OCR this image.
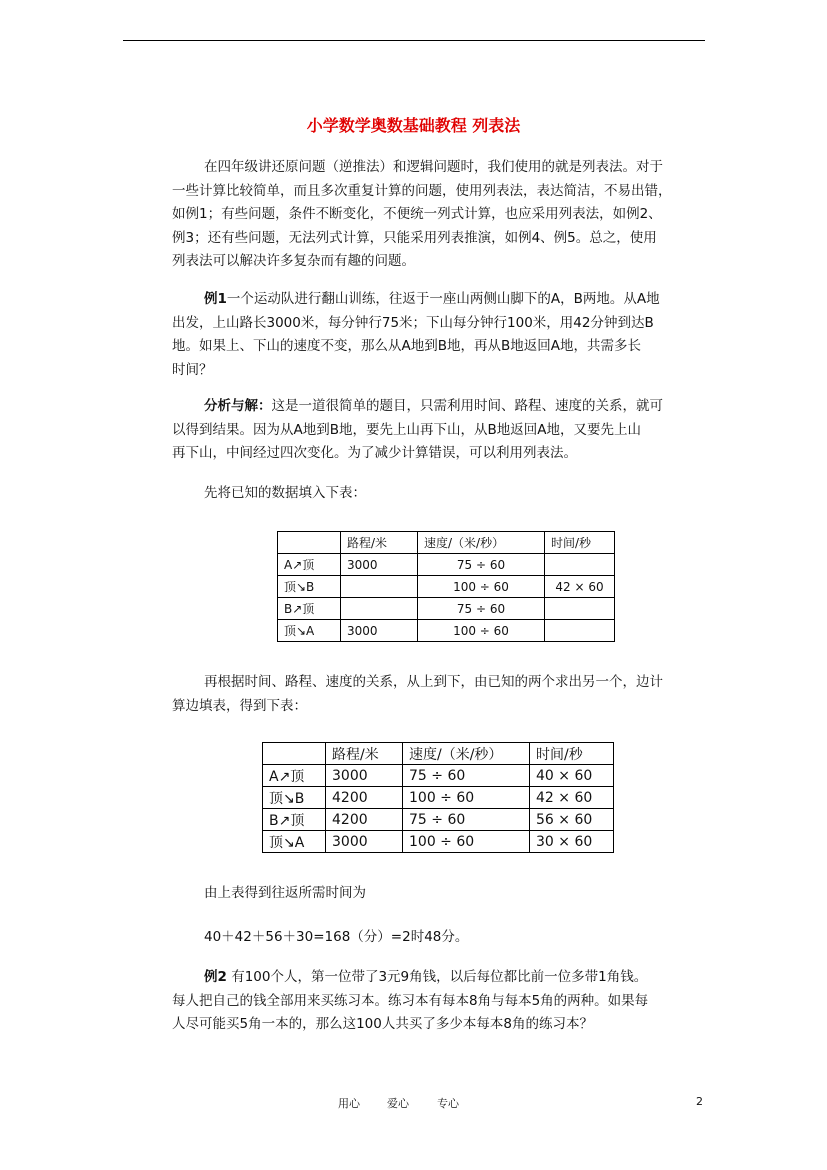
小学数学奥数基础教程 列表法
在四年级讲还原问题（逆推法）和逻辑问题时，我们使用的就是列表法。对于
一些计算比较简单，而且多次重复计算的问题，使用列表法，表达简洁，不易出错，
如例1；有些问题，条件不断变化，不便统一列式计算，也应采用列表法，如例2、
例3；还有些问题，无法列式计算，只能采用列表推演，如例4、例5。总之，使用
列表法可以解决许多复杂而有趣的问题。
例1一个运动队进行翻山训练，往返于一座山两侧山脚下的A，B两地。从A地
出发，上山路长3000米，每分钟行75米；下山每分钟行100米，用42分钟到达B
地。如果上、下山的速度不变，那么从A地到B地，再从B地返回A地，共需多长
时间？
分析与解：这是一道很简单的题目，只需利用时间、路程、速度的关系，就可
以得到结果。因为从A地到B地，要先上山再下山，从B地返回A地，又要先上山
再下山，中间经过四次变化。为了减少计算错误，可以利用列表法。
先将已知的数据填入下表：
	路程/米	速度/（米/秒）	时间/秒
A↗顶	3000	75 ÷ 60	
顶↘B		100 ÷ 60	42 × 60
B↗顶		75 ÷ 60	
顶↘A	3000	100 ÷ 60	
再根据时间、路程、速度的关系，从上到下，由已知的两个求出另一个，边计
算边填表，得到下表：
	路程/米	速度/（米/秒）	时间/秒
A↗顶	3000	75 ÷ 60	40 × 60
顶↘B	4200	100 ÷ 60	42 × 60
B↗顶	4200	75 ÷ 60	56 × 60
顶↘A	3000	100 ÷ 60	30 × 60
由上表得到往返所需时间为
40＋42＋56＋30=168（分）=2时48分。
例2 有100个人，第一位带了3元9角钱，以后每位都比前一位多带1角钱。
每人把自己的钱全部用来买练习本。练习本有每本8角与每本5角的两种。如果每
人尽可能买5角一本的，那么这100人共买了多少本每本8角的练习本？
用心 爱心	专心	2
